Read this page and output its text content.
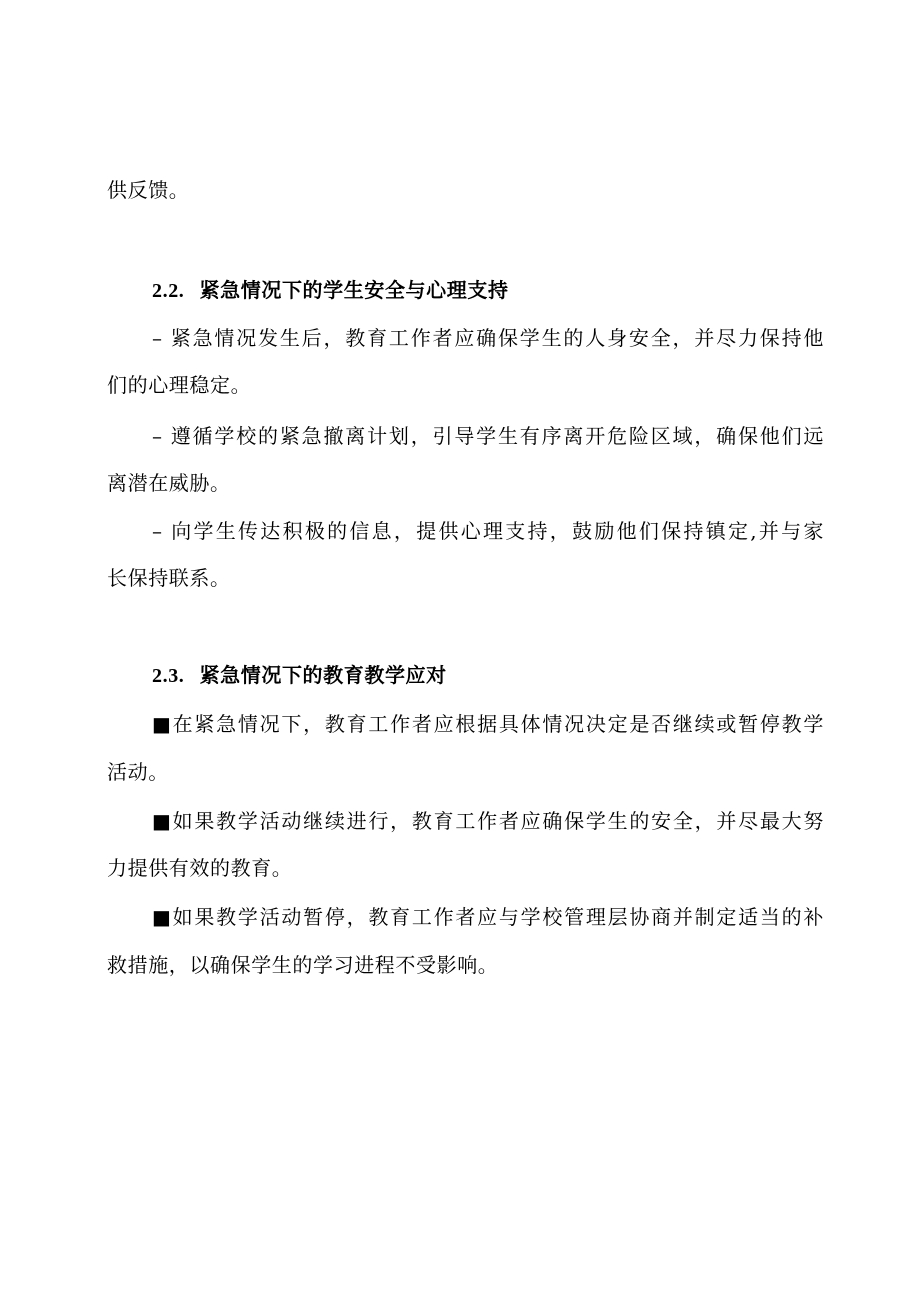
供反馈。
2.2. 紧急情况下的学生安全与心理支持
– 紧急情况发生后，教育工作者应确保学生的人身安全，并尽力保持他
们的心理稳定。
– 遵循学校的紧急撤离计划，引导学生有序离开危险区域，确保他们远
离潜在威胁。
– 向学生传达积极的信息，提供心理支持，鼓励他们保持镇定,并与家
长保持联系。
2.3. 紧急情况下的教育教学应对
■在紧急情况下，教育工作者应根据具体情况决定是否继续或暂停教学
活动。
■如果教学活动继续进行，教育工作者应确保学生的安全，并尽最大努
力提供有效的教育。
■如果教学活动暂停，教育工作者应与学校管理层协商并制定适当的补
救措施，以确保学生的学习进程不受影响。
